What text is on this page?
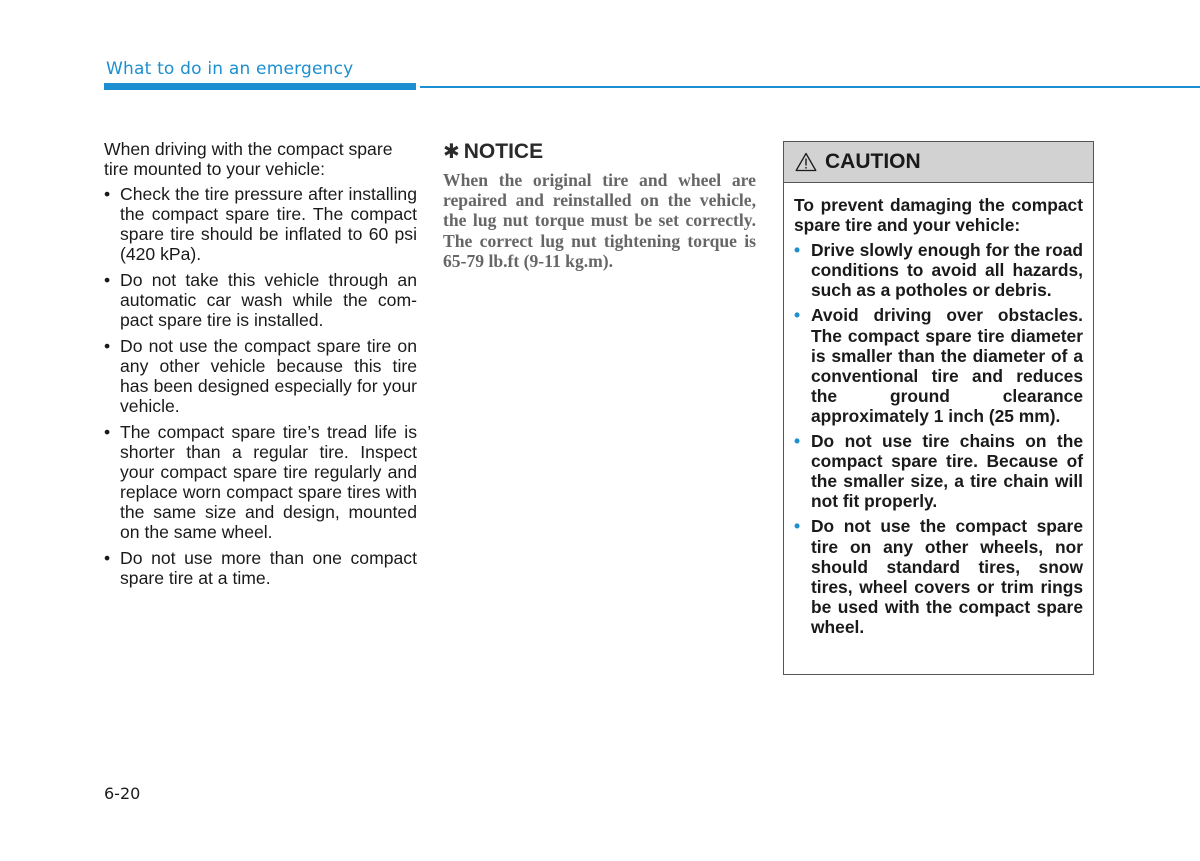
What to do in an emergency

When driving with the compact spare tire mounted to your vehicle:

• Check the tire pressure after installing the compact spare tire. The compact spare tire should be inflated to 60 psi (420 kPa).
• Do not take this vehicle through an automatic car wash while the compact spare tire is installed.
• Do not use the compact spare tire on any other vehicle because this tire has been designed especially for your vehicle.
• The compact spare tire’s tread life is shorter than a regular tire. Inspect your compact spare tire regularly and replace worn compact spare tires with the same size and design, mounted on the same wheel.
• Do not use more than one compact spare tire at a time.
✱ NOTICE

When the original tire and wheel are repaired and reinstalled on the vehicle, the lug nut torque must be set correctly. The correct lug nut tightening torque is 65-79 lb.ft (9-11 kg.m).

CAUTION

To prevent damaging the compact spare tire and your vehicle:

• Drive slowly enough for the road conditions to avoid all hazards, such as a potholes or debris.
• Avoid driving over obstacles. The compact spare tire diameter is smaller than the diameter of a conventional tire and reduces the ground clearance approximately 1 inch (25 mm).
• Do not use tire chains on the compact spare tire. Because of the smaller size, a tire chain will not fit properly.
• Do not use the compact spare tire on any other wheels, nor should standard tires, snow tires, wheel covers or trim rings be used with the compact spare wheel.
6-20
